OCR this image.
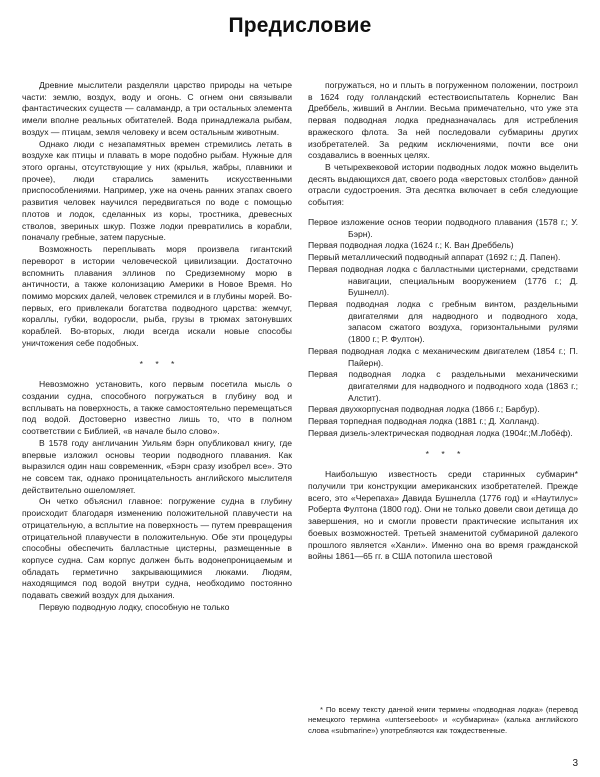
Предисловие

Древние мыслители разделяли царство природы на четыре части: землю, воздух, воду и огонь. С огнем они связывали фантастических существ — саламандр, а три остальных элемента имели вполне реальных обитателей. Вода принадлежала рыбам, воздух — птицам, земля человеку и всем остальным животным.

Однако люди с незапамятных времен стремились летать в воздухе как птицы и плавать в море подобно рыбам. Нужные для этого органы, отсутствующие у них (крылья, жабры, плавники и прочее), люди старались заменить искусственными приспособлениями. Например, уже на очень ранних этапах своего развития человек научился передвигаться по воде с помощью плотов и лодок, сделанных из коры, тростника, древесных стволов, звериных шкур. Позже лодки превратились в корабли, поначалу гребные, затем парусные.

Возможность переплывать моря произвела гигантский переворот в истории человеческой цивилизации. Достаточно вспомнить плавания эллинов по Средиземному морю в античности, а также колонизацию Америки в Новое Время. Но помимо морских далей, человек стремился и в глубины морей. Во-первых, его привлекали богатства подводного царства: жемчуг, кораллы, губки, водоросли, рыба, грузы в трюмах затонувших кораблей. Во-вторых, люди всегда искали новые способы уничтожения себе подобных.

* * *

Невозможно установить, кого первым посетила мысль о создании судна, способного погружаться в глубину вод и всплывать на поверхность, а также самостоятельно перемещаться под водой. Достоверно известно лишь то, что в полном соответствии с Библией, «в начале было слово».

В 1578 году англичанин Уильям бэрн опубликовал книгу, где впервые изложил основы теории подводного плавания. Как выразился один наш современник, «Бэрн сразу изобрел все». Это не совсем так, однако проницательность английского мыслителя действительно ошеломляет.

Он четко объяснил главное: погружение судна в глубину происходит благодаря изменению положительной плавучести на отрицательную, а всплытие на поверхность — путем превращения отрицательной плавучести в положительную. Обе эти процедуры способны обеспечить балластные цистерны, размещенные в корпусе судна. Сам корпус должен быть водонепроницаемым и обладать герметично закрывающимися люками. Людям, находящимся под водой внутри судна, необходимо постоянно подавать свежий воздух для дыхания.

Первую подводную лодку, способную не только

погружаться, но и плыть в погруженном положении, построил в 1624 году голландский естествоиспытатель Корнелис Ван Дреббель, живший в Англии. Весьма примечательно, что уже эта первая подводная лодка предназначалась для истребления вражеского флота. За ней последовали субмарины других изобретателей. За редким исключениями, почти все они создавались в военных целях.

В четырехвековой истории подводных лодок можно выделить десять выдающихся дат, своего рода «верстовых столбов» данной отрасли судостроения. Эта десятка включает в себя следующие события:

Первое изложение основ теории подводного плавания (1578 г.; У. Бэрн).
Первая подводная лодка (1624 г.; К. Ван Дреббель)
Первый металлический подводный аппарат (1692 г.; Д. Папен).
Первая подводная лодка с балластными цистернами, средствами навигации, специальным вооружением (1776 г.; Д. Бушнелл).
Первая подводная лодка с гребным винтом, раздельными двигателями для надводного и подводного хода, запасом сжатого воздуха, горизонтальными рулями (1800 г.; Р. Фултон).
Первая подводная лодка с механическим двигателем (1854 г.; П. Пайерн).
Первая подводная лодка с раздельными механическими двигателями для надводного и подводного хода (1863 г.; Алстит).
Первая двухкорпусная подводная лодка (1866 г.; Барбур).
Первая торпедная подводная лодка (1881 г.; Д. Холланд).
Первая дизель-электрическая подводная лодка (1904г.;М.Лобёф).
* * *

Наибольшую известность среди старинных субмарин* получили три конструкции американских изобретателей. Прежде всего, это «Черепаха» Давида Бушнелла (1776 год) и «Наутилус» Роберта Фултона (1800 год). Они не только довели свои детища до завершения, но и смогли провести практические испытания их боевых возможностей. Третьей знаменитой субмариной далекого прошлого является «Ханли». Именно она во время гражданской войны 1861—65 гг. в США потопила шестовой

* По всему тексту данной книги термины «подводная лодка» (перевод немецкого термина «unterseeboot» и «субмарина» (калька английского слова «submarine») употребляются как тождественные.
3
